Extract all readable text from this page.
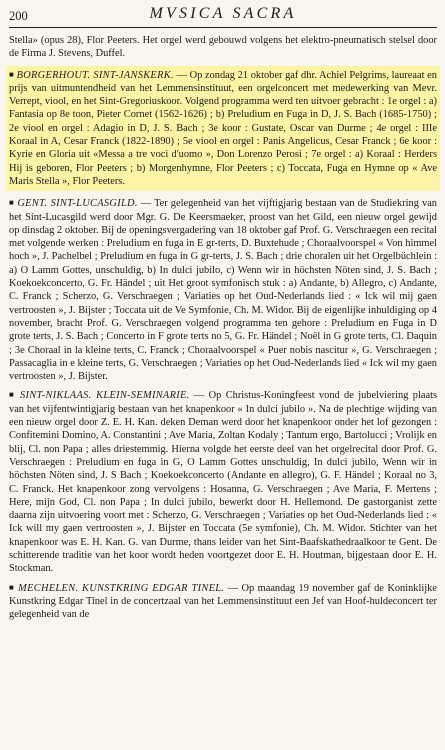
200	MVSICA SACRA

Stella» (opus 28), Flor Peeters. Het orgel werd gebouwd volgens het elektro-pneumatisch stelsel door de Firma J. Stevens, Duffel.

■ BORGERHOUT. SINT-JANSKERK. — Op zondag 21 oktober gaf dhr. Achiel Pelgrims, laureaat en prijs van uitmuntendheid van het Lemmensinstituut, een orgelconcert met medewerking van Mevr. Verrept, viool, en het Sint-Gregoriuskoor. Volgend programma werd ten uitvoer gebracht : 1e orgel : a) Fantasia op 8e toon, Pieter Cornet (1562-1626) ; b) Preludium en Fuga in D, J. S. Bach (1685-1750) ; 2e viool en orgel : Adagio in D, J. S. Bach ; 3e koor : Gustate, Oscar van Durme ; 4e orgel : IIIe Koraal in A, Cesar Franck (1822-1890) ; 5e viool en orgel : Panis Angelicus, Cesar Franck ; 6e koor : Kyrie en Gloria uit «Messa a tre voci d'uomo », Don Lorenzo Perosi ; 7e orgel : a) Koraal : Herders Hij is geboren, Flor Peeters ; b) Morgenhymne, Flor Peeters ; c) Toccata, Fuga en Hymne op « Ave Maris Stella », Flor Peeters.

■ GENT. SINT-LUCASGILD. — Ter gelegenheid van het vijftigjarig bestaan van de Studiekring van het Sint-Lucasgild werd door Mgr. G. De Keersmaeker, proost van het Gild, een nieuw orgel gewijd op dinsdag 2 oktober. Bij de openingsvergadering van 18 oktober gaf Prof. G. Verschraegen een recital met volgende werken : Preludium en fuga in E gr-terts, D. Buxtehude ; Choraalvoorspel « Von himmel hoch », J. Pachelbel ; Preludium en fuga in G gr-terts, J. S. Bach ; drie choralen uit het Orgelbüchlein : a) O Lamm Gottes, unschuldig, b) In dulci jubilo, c) Wenn wir in höchsten Nöten sind, J. S. Bach ; Koekoekconcerto, G. Fr. Händel ; uit Het groot symfonisch stuk : a) Andante, b) Allegro, c) Andante, C. Franck ; Scherzo, G. Verschraegen ; Variaties op het Oud-Nederlands lied : « Ick wil mij gaen vertroosten », J. Bijster ; Toccata uit de Ve Symfonie, Ch. M. Widor. Bij de eigenlijke inhuldiging op 4 november, bracht Prof. G. Verschraegen volgend programma ten gehore : Preludium en Fuga in D grote terts, J. S. Bach ; Concerto in F grote terts no 5, G. Fr. Händel ; Noël in G grote terts, Cl. Daquin ; 3e Choraal in la kleine terts, C. Franck ; Choraalvoorspel « Puer nobis nascitur », G. Verschraegen ; Passacaglia in e kleine terts, G. Verschraegen ; Variaties op het Oud-Nederlands lied « Ick wil my gaen vertroosten », J. Bijster.

■ SINT-NIKLAAS. KLEIN-SEMINARIE. — Op Christus-Koningfeest vond de jubelviering plaats van het vijfentwintigjarig bestaan van het knapenkoor « In dulci jubilo ». Na de plechtige wijding van een nieuw orgel door Z. E. H. Kan. deken Deman werd door het knapenkoor onder het lof gezongen : Confitemini Domino, A. Constantini ; Ave Maria, Zoltan Kodaly ; Tantum ergo, Bartolucci ; Vrolijk en blij, Cl. non Papa ; alles driestemmig. Hierna volgde het eerste deel van het orgelrecital door Prof. G. Verschraegen : Preludium en fuga in G, O Lamm Gottes unschuldig, In dulci jubilo, Wenn wir in höchsten Nöten sind, J. S Bach ; Koekoekconcerto (Andante en allegro), G. F. Händel ; Koraal no 3, C. Franck. Het knapenkoor zong vervolgens : Hosanna, G. Verschraegen ; Ave Maria, F. Mertens ; Here, mijn God, Cl. non Papa ; In dulci jubilo, bewerkt door H. Hellemond. De gastorganist zette daarna zijn uitvoering voort met : Scherzo, G. Verschraegen ; Variaties op het Oud-Nederlands lied : « Ick will my gaen vertroosten », J. Bijster en Toccata (5e symfonie), Ch. M. Widor. Stichter van het knapenkoor was E. H. Kan. G. van Durme, thans leider van het Sint-Baafskathedraalkoor te Gent. De schitterende traditie van het koor wordt heden voortgezet door E. H. Houtman, bijgestaan door E. H. Stockman.

■ MECHELEN. KUNSTKRING EDGAR TINEL. — Op maandag 19 november gaf de Koninklijke Kunstkring Edgar Tinel in de concertzaal van het Lemmensinstituut een Jef van Hoof-huldeconcert ter gelegenheid van de
